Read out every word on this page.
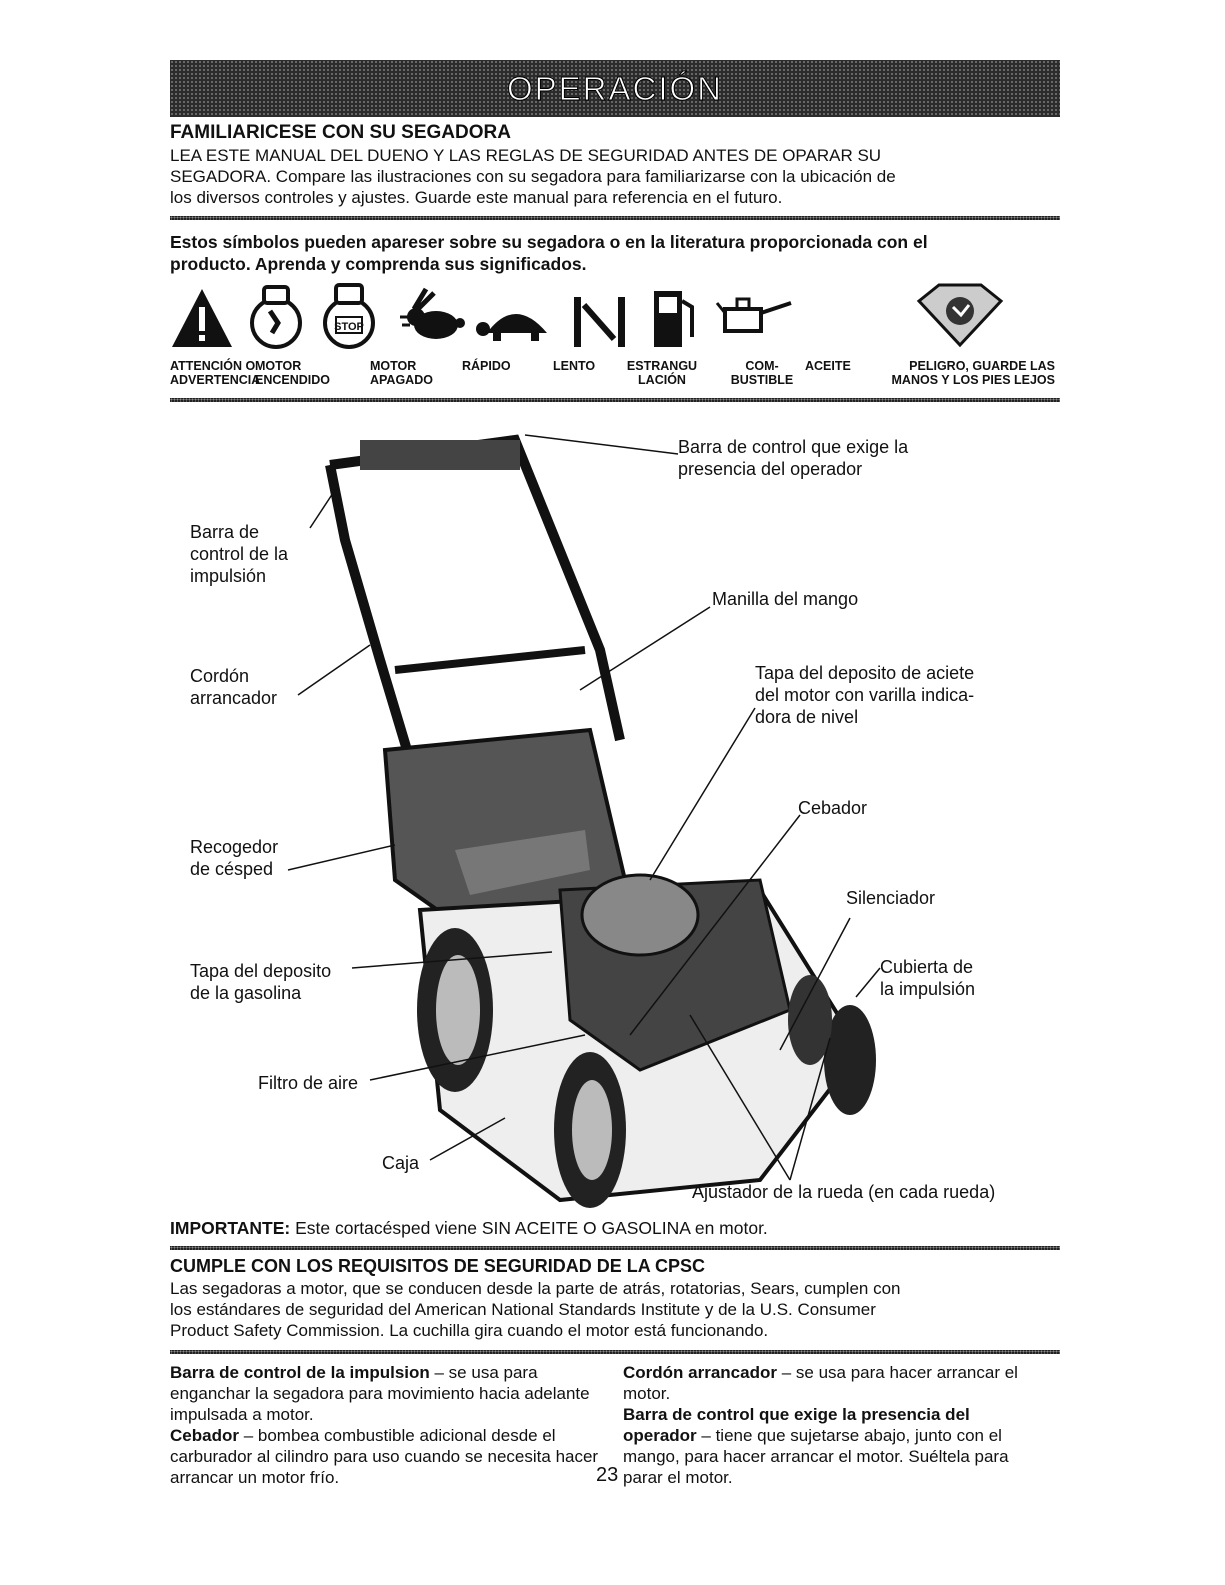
OPERACIÓN
FAMILIARICESE CON SU SEGADORA
LEA ESTE MANUAL DEL DUENO Y LAS REGLAS DE SEGURIDAD ANTES DE OPARAR SU
SEGADORA. Compare las ilustraciones con su segadora para familiarizarse con la ubicación de
los diversos controles y ajustes. Guarde este manual para referencia en el futuro.
Estos símbolos pueden apareser sobre su segadora o en la literatura proporcionada con el
producto. Aprenda y comprenda sus significados.
STOP
ATTENCIÓN O
ADVERTENCIA
MOTOR
ENCENDIDO
MOTOR
APAGADO
RÁPIDO	LENTO	ESTRANGU
LACIÓN
COM-
BUSTIBLE
ACEITE	PELIGRO, GUARDE LAS
MANOS Y LOS PIES LEJOS
Barra de control que exige la
presencia del operador
Barra de
control de la
impulsión
Manilla del mango
Cordón
arrancador
Tapa del deposito de aciete
del motor con varilla indica-
dora de nivel
Cebador
Recogedor
de césped
Silenciador
Tapa del deposito
de la gasolina
Cubierta de
la impulsión
Filtro de aire
Caja
Ajustador de la rueda (en cada rueda)
IMPORTANTE: Este cortacésped viene SIN ACEITE O GASOLINA en motor.
CUMPLE CON LOS REQUISITOS DE SEGURIDAD DE LA CPSC
Las segadoras a motor, que se conducen desde la parte de atrás, rotatorias, Sears, cumplen con
los estándares de seguridad del American National Standards Institute y de la U.S. Consumer
Product Safety Commission. La cuchilla gira cuando el motor está funcionando.
Barra de control de la impulsion – se usa para enganchar la segadora para movimiento hacia adelante impulsada a motor.
Cebador – bombea combustible adicional desde el carburador al cilindro para uso cuando se necesita hacer arrancar un motor frío.
Cordón arrancador – se usa para hacer arrancar el motor.
Barra de control que exige la presencia del operador – tiene que sujetarse abajo, junto con el mango, para hacer arrancar el motor. Suéltela para parar el motor.
23
